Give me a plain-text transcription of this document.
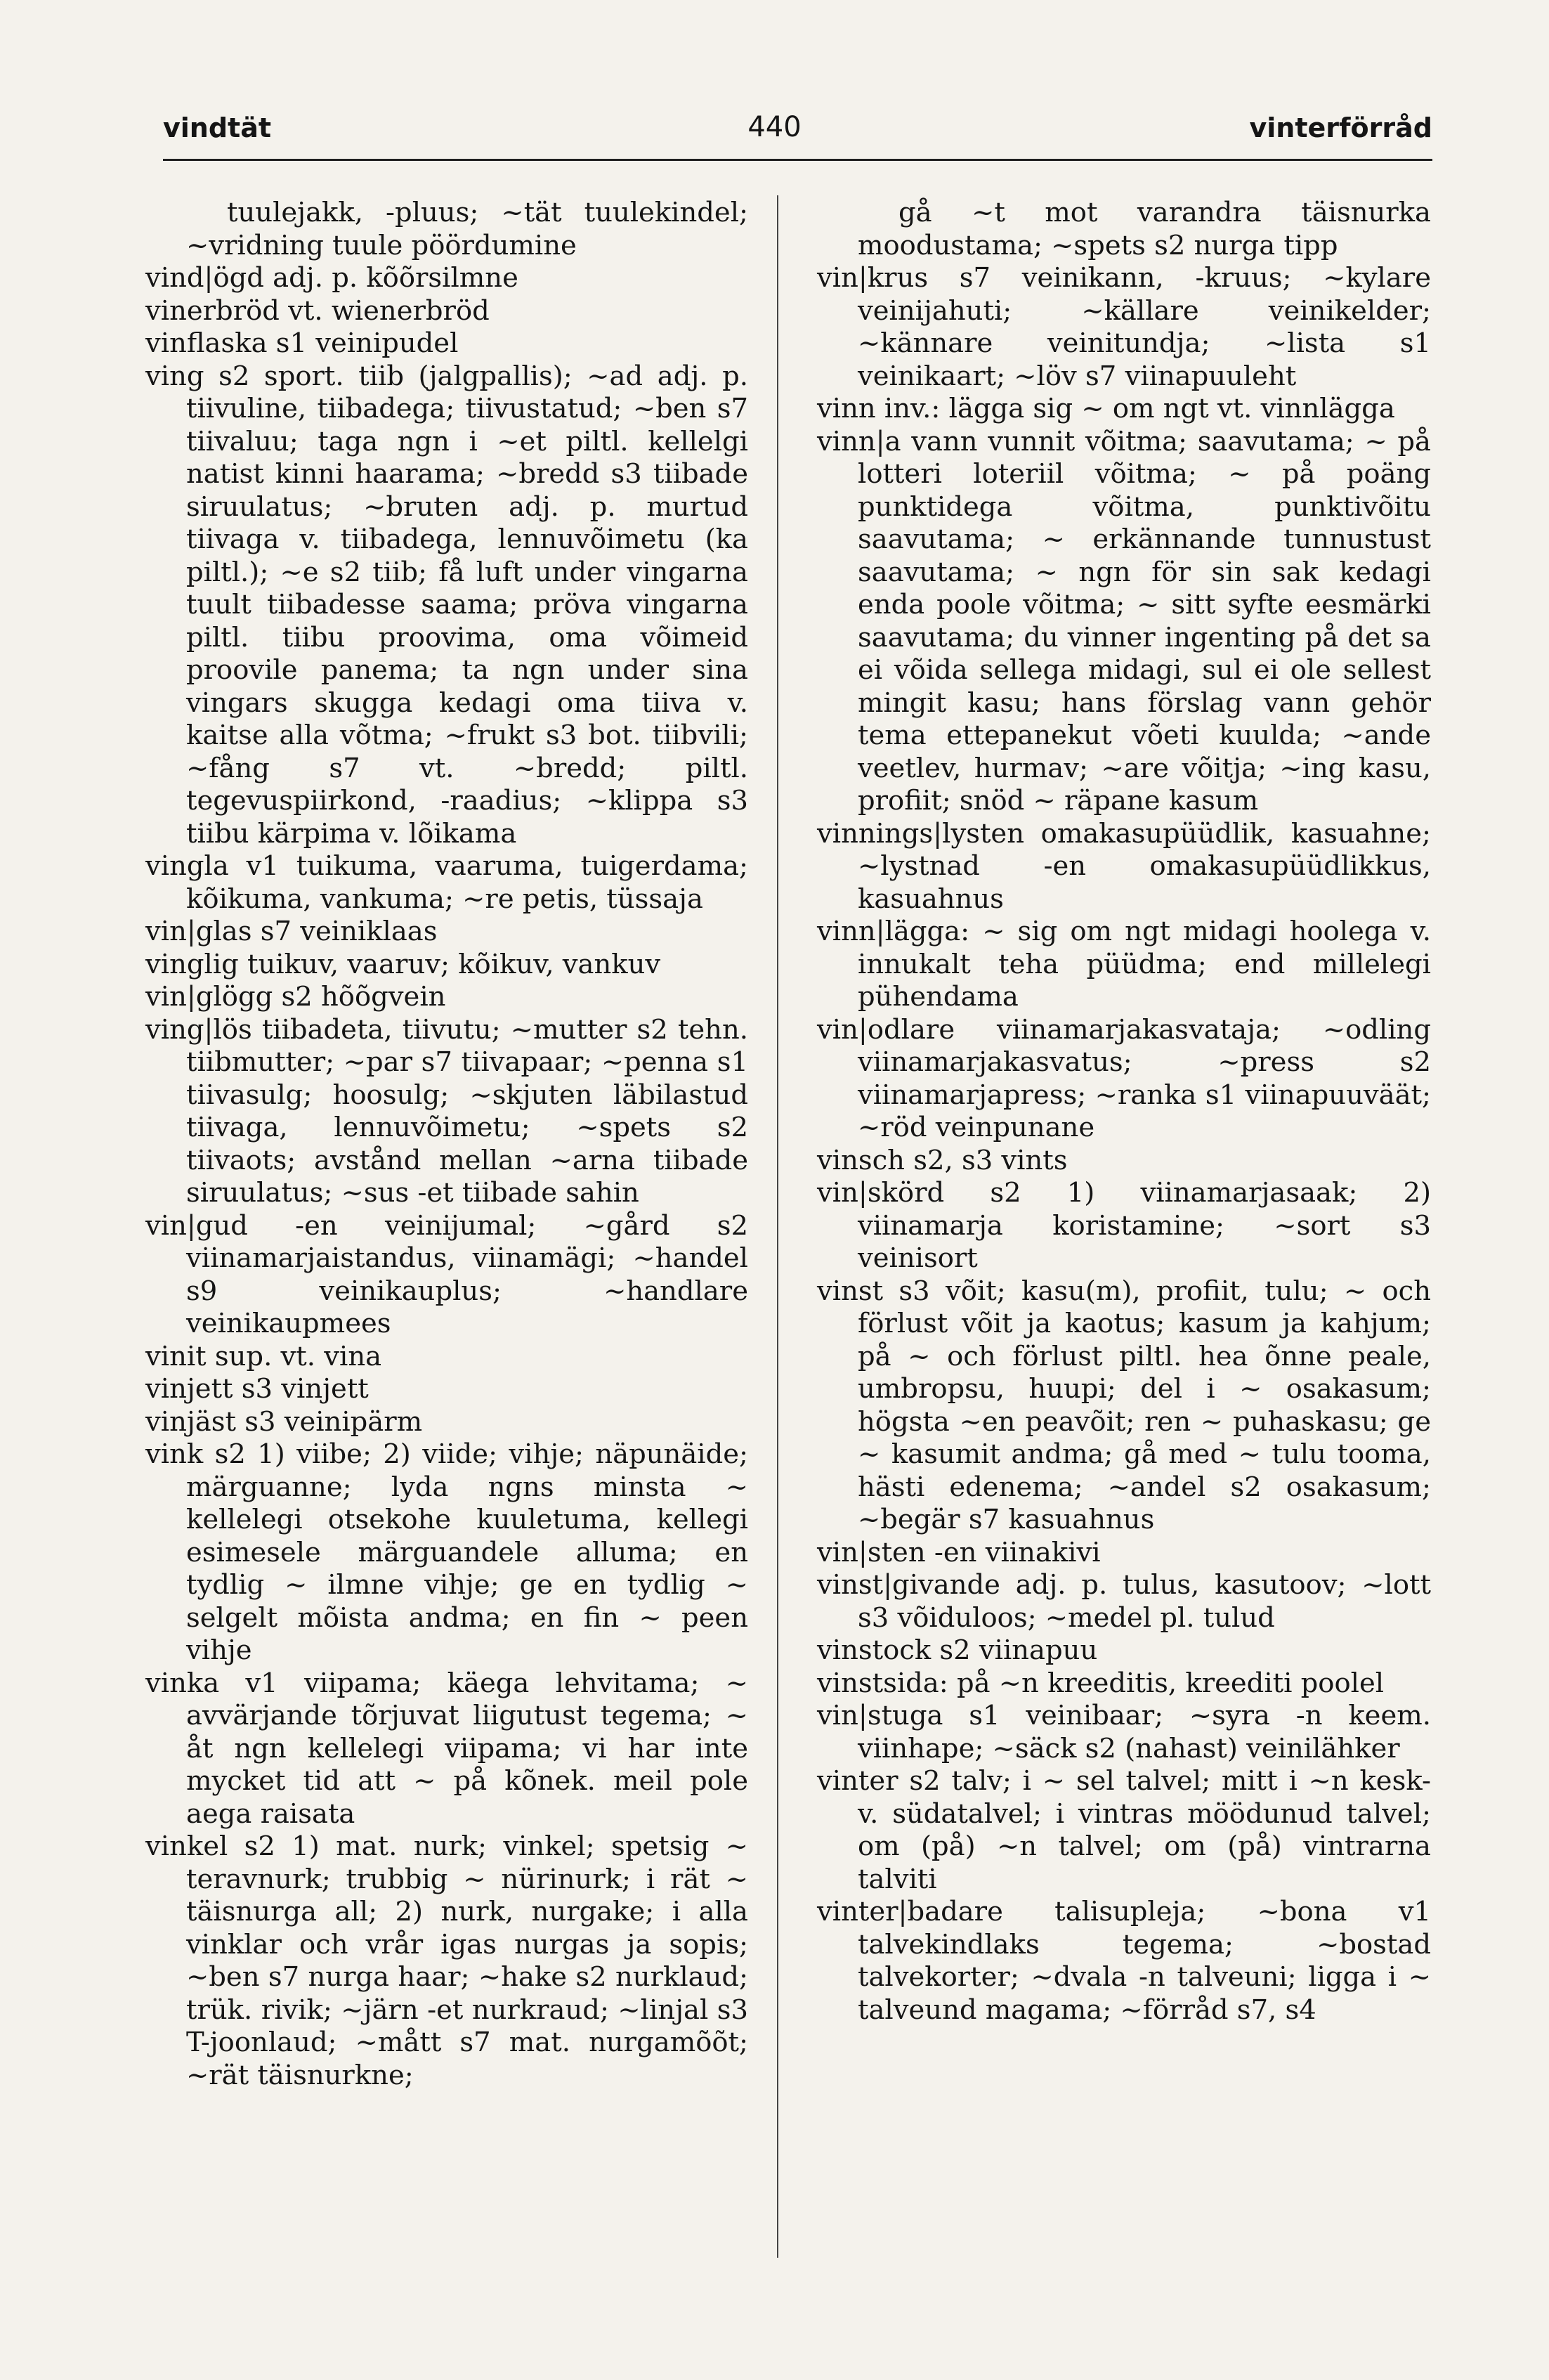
vindtät	440	vinterförråd

tuulejakk, -pluus; ~tät tuulekindel; ~vridning tuule pöördumine

vind|ögd adj. p. kõõrsilmne

vinerbröd vt. wienerbröd

vinflaska s1 veinipudel

ving s2 sport. tiib (jalgpallis); ~ad adj. p. tiivuline, tiibadega; tiivustatud; ~ben s7 tiivaluu; taga ngn i ~et piltl. kellelgi natist kinni haarama; ~bredd s3 tiibade siruulatus; ~bruten adj. p. murtud tiivaga v. tiibadega, lennuvõimetu (ka piltl.); ~e s2 tiib; få luft under vingarna tuult tiibadesse saama; pröva vingarna piltl. tiibu proovima, oma võimeid proovile panema; ta ngn under sina vingars skugga kedagi oma tiiva v. kaitse alla võtma; ~frukt s3 bot. tiibvili; ~fång s7 vt. ~bredd; piltl. tegevuspiirkond, -raadius; ~klippa s3 tiibu kärpima v. lõikama

vingla v1 tuikuma, vaaruma, tuigerdama; kõikuma, vankuma; ~re petis, tüssaja

vin|glas s7 veiniklaas

vinglig tuikuv, vaaruv; kõikuv, vankuv

vin|glögg s2 hõõgvein

ving|lös tiibadeta, tiivutu; ~mutter s2 tehn. tiibmutter; ~par s7 tiivapaar; ~penna s1 tiivasulg; hoosulg; ~skjuten läbilastud tiivaga, lennuvõimetu; ~spets s2 tiivaots; avstånd mellan ~arna tiibade siruulatus; ~sus -et tiibade sahin

vin|gud -en veinijumal; ~gård s2 viinamarjaistandus, viinamägi; ~handel s9 veinikauplus; ~handlare veinikaupmees

vinit sup. vt. vina

vinjett s3 vinjett

vinjäst s3 veinipärm

vink s2 1) viibe; 2) viide; vihje; näpunäide; märguanne; lyda ngns minsta ~ kellelegi otsekohe kuuletuma, kellegi esimesele märguandele alluma; en tydlig ~ ilmne vihje; ge en tydlig ~ selgelt mõista andma; en fin ~ peen vihje

vinka v1 viipama; käega lehvitama; ~ avvärjande tõrjuvat liigutust tegema; ~ åt ngn kellelegi viipama; vi har inte mycket tid att ~ på kõnek. meil pole aega raisata

vinkel s2 1) mat. nurk; vinkel; spetsig ~ teravnurk; trubbig ~ nürinurk; i rät ~ täisnurga all; 2) nurk, nurgake; i alla vinklar och vrår igas nurgas ja sopis; ~ben s7 nurga haar; ~hake s2 nurklaud; trük. rivik; ~järn -et nurkraud; ~linjal s3 T-joonlaud; ~mått s7 mat. nurgamõõt; ~rät täisnurkne;

gå ~t mot varandra täisnurka moodustama; ~spets s2 nurga tipp

vin|krus s7 veinikann, -kruus; ~kylare veinijahuti; ~källare veinikelder; ~kännare veinitundja; ~lista s1 veinikaart; ~löv s7 viinapuuleht

vinn inv.: lägga sig ~ om ngt vt. vinnlägga

vinn|a vann vunnit võitma; saavutama; ~ på lotteri loteriil võitma; ~ på poäng punktidega võitma, punktivõitu saavutama; ~ erkännande tunnustust saavutama; ~ ngn för sin sak kedagi enda poole võitma; ~ sitt syfte eesmärki saavutama; du vinner ingenting på det sa ei võida sellega midagi, sul ei ole sellest mingit kasu; hans förslag vann gehör tema ettepanekut võeti kuulda; ~ande veetlev, hurmav; ~are võitja; ~ing kasu, profiit; snöd ~ räpane kasum

vinnings|lysten omakasupüüdlik, kasuahne; ~lystnad -en omakasupüüdlikkus, kasuahnus

vinn|lägga: ~ sig om ngt midagi hoolega v. innukalt teha püüdma; end millelegi pühendama

vin|odlare viinamarjakasvataja; ~odling viinamarjakasvatus; ~press s2 viinamarjapress; ~ranka s1 viinapuuväät; ~röd veinpunane

vinsch s2, s3 vints

vin|skörd s2 1) viinamarjasaak; 2) viinamarja koristamine; ~sort s3 veinisort

vinst s3 võit; kasu(m), profiit, tulu; ~ och förlust võit ja kaotus; kasum ja kahjum; på ~ och förlust piltl. hea õnne peale, umbropsu, huupi; del i ~ osakasum; högsta ~en peavõit; ren ~ puhaskasu; ge ~ kasumit andma; gå med ~ tulu tooma, hästi edenema; ~andel s2 osakasum; ~begär s7 kasuahnus

vin|sten -en viinakivi

vinst|givande adj. p. tulus, kasutoov; ~lott s3 võiduloos; ~medel pl. tulud

vinstock s2 viinapuu

vinstsida: på ~n kreeditis, kreediti poolel

vin|stuga s1 veinibaar; ~syra -n keem. viinhape; ~säck s2 (nahast) veinilähker

vinter s2 talv; i ~ sel talvel; mitt i ~n kesk- v. südatalvel; i vintras möödunud talvel; om (på) ~n talvel; om (på) vintrarna talviti

vinter|badare talisupleja; ~bona v1 talvekindlaks tegema; ~bostad talvekorter; ~dvala -n talveuni; ligga i ~ talveund magama; ~förråd s7, s4
